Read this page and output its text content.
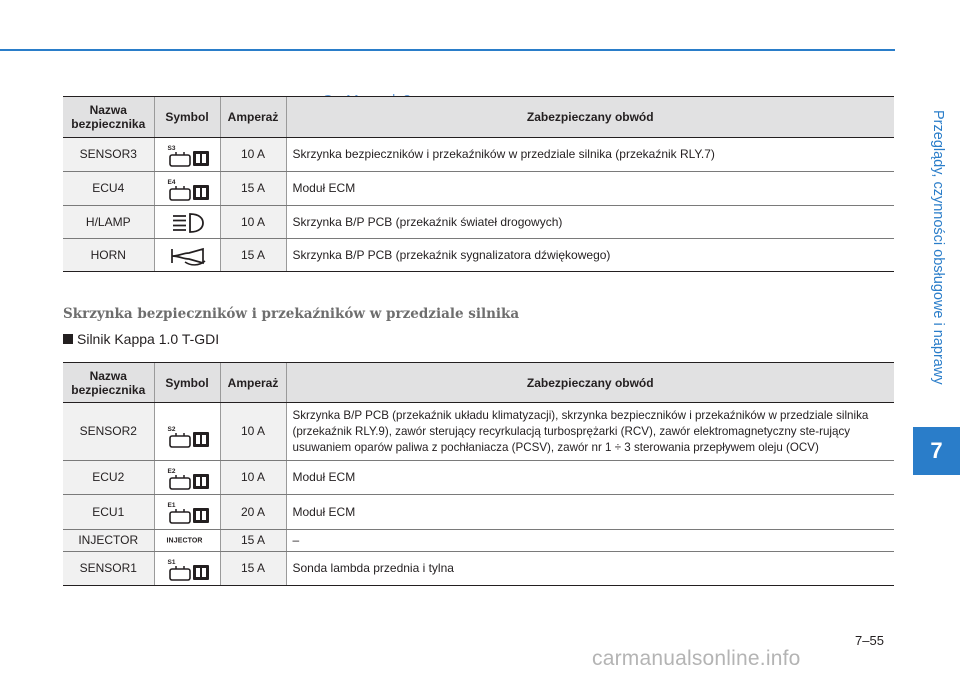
Przeglądy, czynności obsługowe i naprawy
7
Nazwa
bezpiecznika	Symbol	Amperaż	Zabezpieczany obwód
SENSOR3	S3	10 A	Skrzynka bezpieczników i przekaźników w przedziale silnika (przekaźnik RLY.7)
ECU4	E4	15 A	Moduł ECM
H/LAMP		10 A	Skrzynka B/P PCB (przekaźnik świateł drogowych)
HORN		15 A	Skrzynka B/P PCB (przekaźnik sygnalizatora dźwiękowego)
Skrzynka bezpieczników i przekaźników w przedziale silnika
Silnik Kappa 1.0 T-GDI
Nazwa
bezpiecznika	Symbol	Amperaż	Zabezpieczany obwód
SENSOR2	S2	10 A	Skrzynka B/P PCB (przekaźnik układu klimatyzacji), skrzynka bezpieczników i przekaźników w przedziale silnika (przekaźnik RLY.9), zawór sterujący recyrkulacją turbosprężarki (RCV), zawór elektromagnetyczny ste-rujący usuwaniem oparów paliwa z pochłaniacza (PCSV), zawór nr 1 ÷ 3 sterowania przepływem oleju (OCV)
ECU2	E2	10 A	Moduł ECM
ECU1	E1	20 A	Moduł ECM
INJECTOR	INJECTOR	15 A	–
SENSOR1	S1	15 A	Sonda lambda przednia i tylna
7–55
carmanualsonline.info
